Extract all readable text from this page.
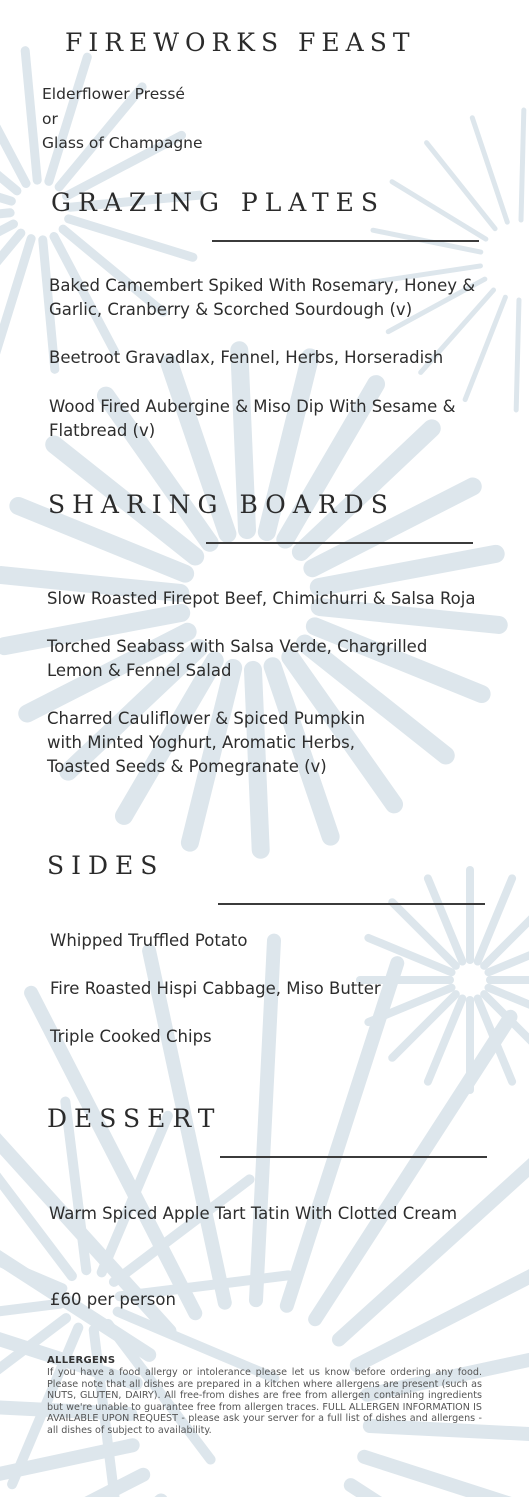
FIREWORKS FEAST
Elderflower Pressé
or
Glass of Champagne
GRAZING PLATES
Baked Camembert Spiked With Rosemary, Honey & Garlic, Cranberry & Scorched Sourdough (v)
Beetroot Gravadlax, Fennel, Herbs, Horseradish
Wood Fired Aubergine & Miso Dip With Sesame & Flatbread (v)
SHARING BOARDS
Slow Roasted Firepot Beef, Chimichurri & Salsa Roja
Torched Seabass with Salsa Verde, Chargrilled Lemon & Fennel Salad
Charred Cauliflower & Spiced Pumpkin with Minted Yoghurt, Aromatic Herbs, Toasted Seeds & Pomegranate (v)
SIDES
Whipped Truffled Potato
Fire Roasted Hispi Cabbage, Miso Butter
Triple Cooked Chips
DESSERT
Warm Spiced Apple Tart Tatin With Clotted Cream
£60 per person
ALLERGENS
If you have a food allergy or intolerance please let us know before ordering any food. Please note that all dishes are prepared in a kitchen where allergens are present (such as NUTS, GLUTEN, DAIRY). All free-from dishes are free from allergen containing ingredients but we're unable to guarantee free from allergen traces. FULL ALLERGEN INFORMATION IS AVAILABLE UPON REQUEST - please ask your server for a full list of dishes and allergens - all dishes of subject to availability.
